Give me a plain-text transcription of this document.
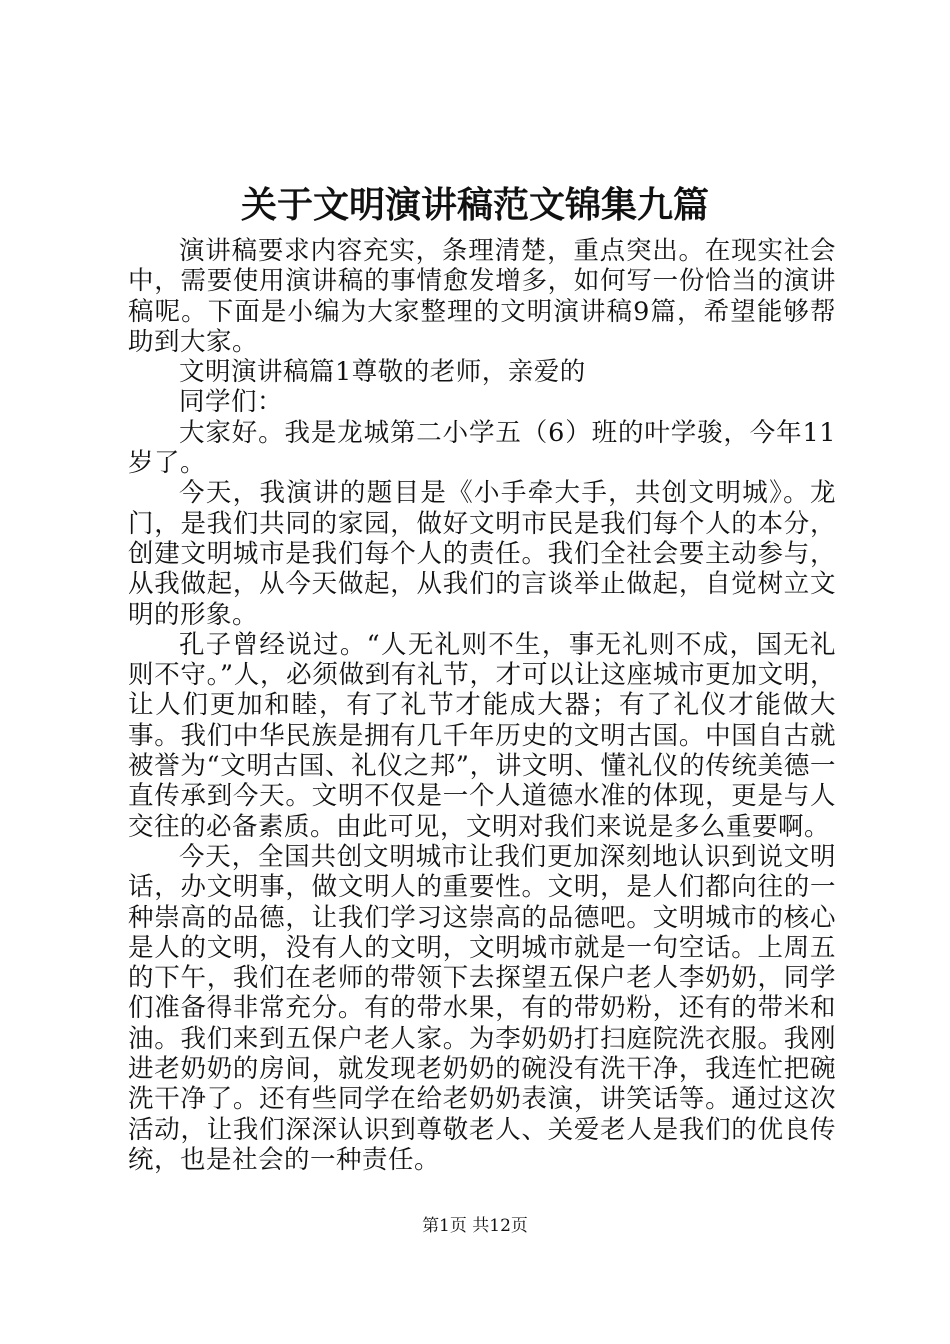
关于文明演讲稿范文锦集九篇

演讲稿要求内容充实，条理清楚，重点突出。在现实社会中，需要使用演讲稿的事情愈发增多，如何写一份恰当的演讲稿呢。下面是小编为大家整理的文明演讲稿9篇，希望能够帮助到大家。

文明演讲稿篇1尊敬的老师，亲爱的

同学们：

大家好。我是龙城第二小学五（6）班的叶学骏，今年11岁了。

今天，我演讲的题目是《小手牵大手，共创文明城》。龙门，是我们共同的家园，做好文明市民是我们每个人的本分，创建文明城市是我们每个人的责任。我们全社会要主动参与，从我做起，从今天做起，从我们的言谈举止做起，自觉树立文明的形象。

孔子曾经说过。“人无礼则不生，事无礼则不成，国无礼则不守。”人，必须做到有礼节，才可以让这座城市更加文明，让人们更加和睦，有了礼节才能成大器；有了礼仪才能做大事。我们中华民族是拥有几千年历史的文明古国。中国自古就被誉为“文明古国、礼仪之邦”，讲文明、懂礼仪的传统美德一直传承到今天。文明不仅是一个人道德水准的体现，更是与人交往的必备素质。由此可见，文明对我们来说是多么重要啊。

今天，全国共创文明城市让我们更加深刻地认识到说文明话，办文明事，做文明人的重要性。文明，是人们都向往的一种崇高的品德，让我们学习这崇高的品德吧。文明城市的核心是人的文明，没有人的文明，文明城市就是一句空话。上周五的下午，我们在老师的带领下去探望五保户老人李奶奶，同学们准备得非常充分。有的带水果，有的带奶粉，还有的带米和油。我们来到五保户老人家。为李奶奶打扫庭院洗衣服。我刚进老奶奶的房间，就发现老奶奶的碗没有洗干净，我连忙把碗洗干净了。还有些同学在给老奶奶表演，讲笑话等。通过这次活动，让我们深深认识到尊敬老人、关爱老人是我们的优良传统，也是社会的一种责任。

第1页 共12页
